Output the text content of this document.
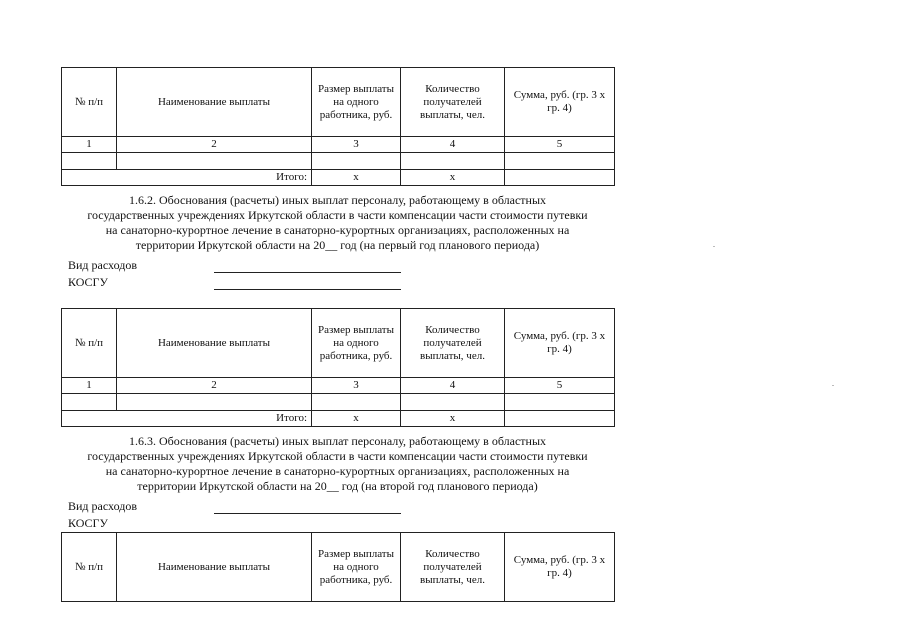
№ п/п	Наименование выплаты	Размер выплаты на одного работника, руб.	Количество получателей выплаты, чел.	Сумма, руб. (гр. 3 х гр. 4)
1	2	3	4	5

Итого:		x	x	
1.6.2. Обоснования (расчеты) иных выплат персоналу, работающему в областных
государственных учреждениях Иркутской области в части компенсации части стоимости путевки
на санаторно-курортное лечение в санаторно-курортных организациях, расположенных на
территории Иркутской области на 20__ год (на первый год планового периода)
Вид расходов
КОСГУ
№ п/п	Наименование выплаты	Размер выплаты на одного работника, руб.	Количество получателей выплаты, чел.	Сумма, руб. (гр. 3 х гр. 4)
1	2	3	4	5

Итого:		x	x	
1.6.3. Обоснования (расчеты) иных выплат персоналу, работающему в областных
государственных учреждениях Иркутской области в части компенсации части стоимости путевки
на санаторно-курортное лечение в санаторно-курортных организациях, расположенных на
территории Иркутской области на 20__ год (на второй год планового периода)
Вид расходов
КОСГУ
№ п/п	Наименование выплаты	Размер выплаты на одного работника, руб.	Количество получателей выплаты, чел.	Сумма, руб. (гр. 3 х гр. 4)
